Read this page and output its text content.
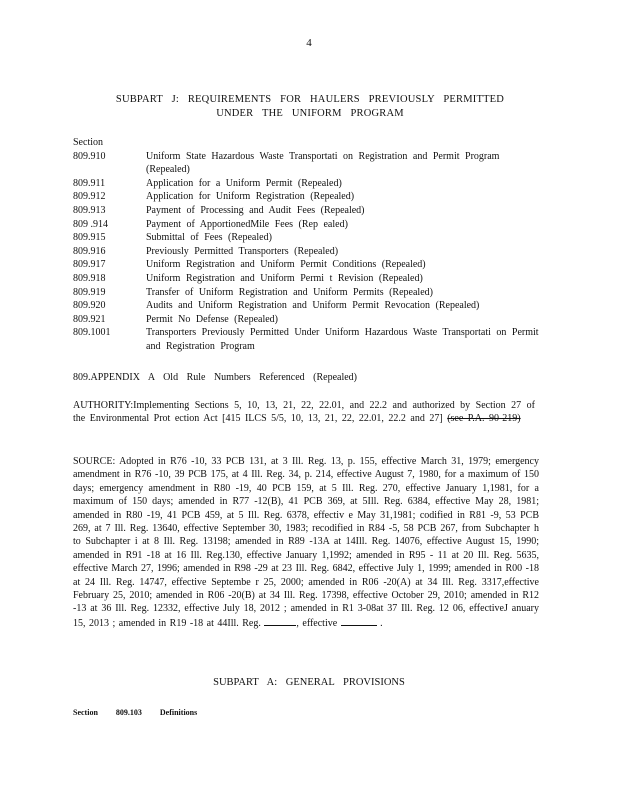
4
SUBPART J: REQUIREMENTS FOR HAULERS PREVIOUSLY PERMITTED
UNDER THE UNIFORM PROGRAM
Section
809.910	Uniform State Hazardous Waste Transportati on Registration and Permit Program (Repealed)
809.911	Application for a Uniform Permit (Repealed)
809.912	Application for Uniform Registration (Repealed)
809.913	Payment of Processing and Audit Fees (Repealed)
809 .914	Payment of ApportionedMile Fees (Rep ealed)
809.915	Submittal of Fees (Repealed)
809.916	Previously Permitted Transporters (Repealed)
809.917	Uniform Registration and Uniform Permit Conditions (Repealed)
809.918	Uniform Registration and Uniform Permi t Revision (Repealed)
809.919	Transfer of Uniform Registration and Uniform Permits (Repealed)
809.920	Audits and Uniform Registration and Uniform Permit Revocation (Repealed)
809.921	Permit No Defense (Repealed)
809.1001	Transporters Previously Permitted Under Uniform Hazardous Waste Transportati on Permit and Registration Program
809.APPENDIX A Old Rule Numbers Referenced (Repealed)
AUTHORITY:Implementing Sections 5, 10, 13, 21, 22, 22.01, and 22.2 and authorized by Section 27 of the Environmental Prot ection Act [415 ILCS 5/5, 10, 13, 21, 22, 22.01, 22.2 and 27] (see P.A. 90-219)
SOURCE: Adopted in R76 -10, 33 PCB 131, at 3 Ill. Reg. 13, p. 155, effective March 31, 1979; emergency amendment in R76 -10, 39 PCB 175, at 4 Ill. Reg. 34, p. 214, effective August 7, 1980, for a maximum of 150 days; emergency amendment in R80 -19, 40 PCB 159, at 5 Ill. Reg. 270, effective January 1,1981, for a maximum of 150 days; amended in R77 -12(B), 41 PCB 369, at 5Ill. Reg. 6384, effective May 28, 1981; amended in R80 -19, 41 PCB 459, at 5 Ill. Reg. 6378, effectiv e May 31,1981; codified in R81 -9, 53 PCB 269, at 7 Ill. Reg. 13640, effective September 30, 1983; recodified in R84 -5, 58 PCB 267, from Subchapter h to Subchapter i at 8 Ill. Reg. 13198; amended in R89 -13A at 14Ill. Reg. 14076, effective August 15, 1990; amended in R91 -18 at 16 Ill. Reg.130, effective January 1,1992; amended in R95 - 11 at 20 Ill. Reg. 5635, effective March 27, 1996; amended in R98 -29 at 23 Ill. Reg. 6842, effective July 1, 1999; amended in R00 -18 at 24 Ill. Reg. 14747, effective Septembe r 25, 2000; amended in R06 -20(A) at 34 Ill. Reg. 3317,effective February 25, 2010; amended in R06 -20(B) at 34 Ill. Reg. 17398, effective October 29, 2010; amended in R12 -13 at 36 Ill. Reg. 12332, effective July 18, 2012 ; amended in R1 3-08at 37 Ill. Reg. 12 06, effectiveJ anuary 15, 2013 ; amended in R19 -18 at 44Ill. Reg.	, effective	.
SUBPART A: GENERAL PROVISIONS
Section 809.103 Definitions
